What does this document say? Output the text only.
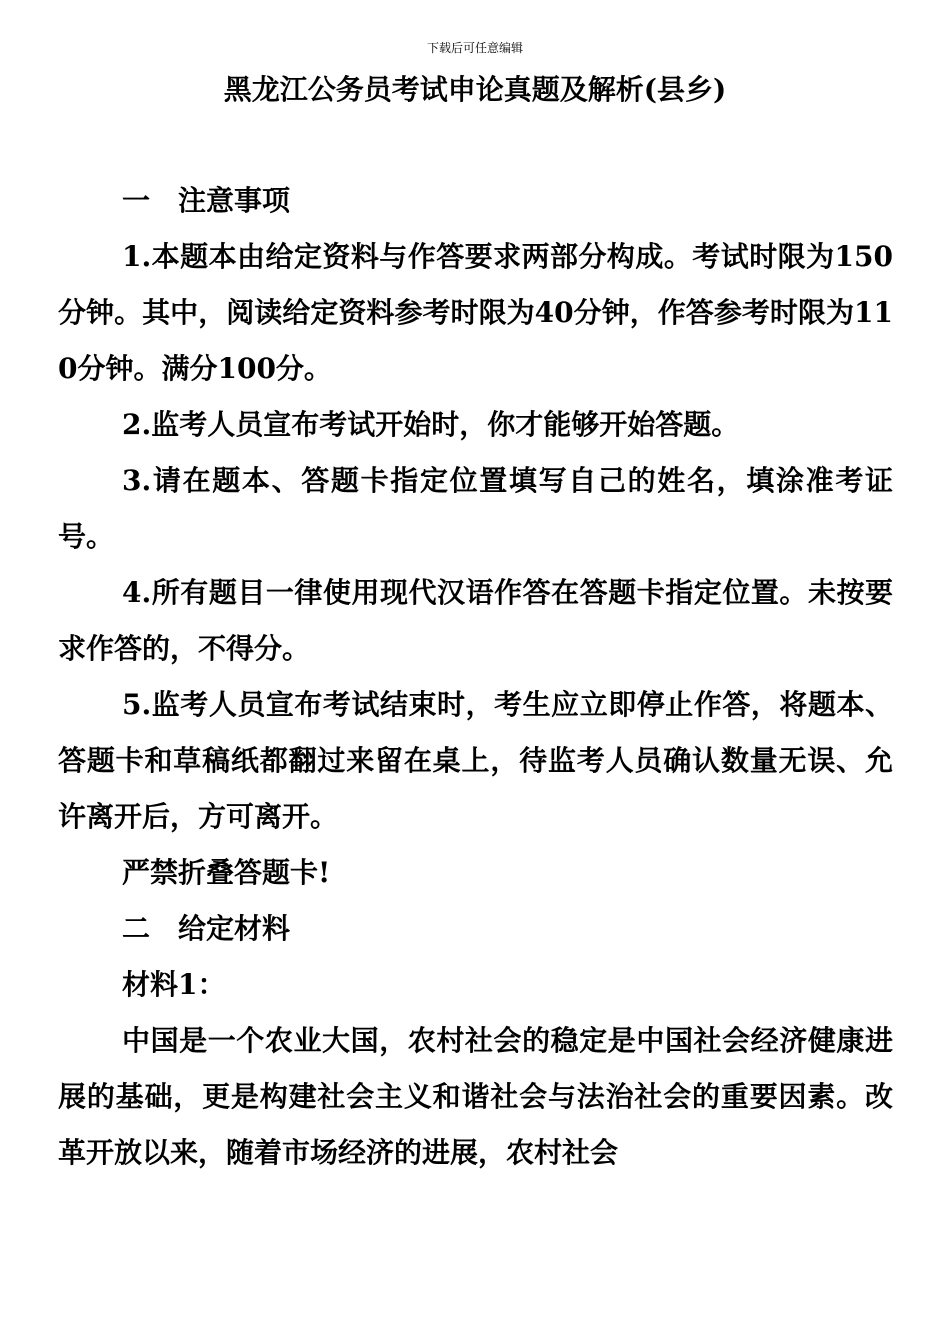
下载后可任意编辑
黑龙江公务员考试申论真题及解析(县乡)

一　注意事项

1.本题本由给定资料与作答要求两部分构成。考试时限为150分钟。其中，阅读给定资料参考时限为40分钟，作答参考时限为110分钟。满分100分。

2.监考人员宣布考试开始时，你才能够开始答题。

3.请在题本、答题卡指定位置填写自己的姓名，填涂准考证号。

4.所有题目一律使用现代汉语作答在答题卡指定位置。未按要求作答的，不得分。

5.监考人员宣布考试结束时，考生应立即停止作答，将题本、答题卡和草稿纸都翻过来留在桌上，待监考人员确认数量无误、允许离开后，方可离开。

严禁折叠答题卡!

二　给定材料

材料1：

中国是一个农业大国，农村社会的稳定是中国社会经济健康进展的基础，更是构建社会主义和谐社会与法治社会的重要因素。改革开放以来，随着市场经济的进展，农村社会
